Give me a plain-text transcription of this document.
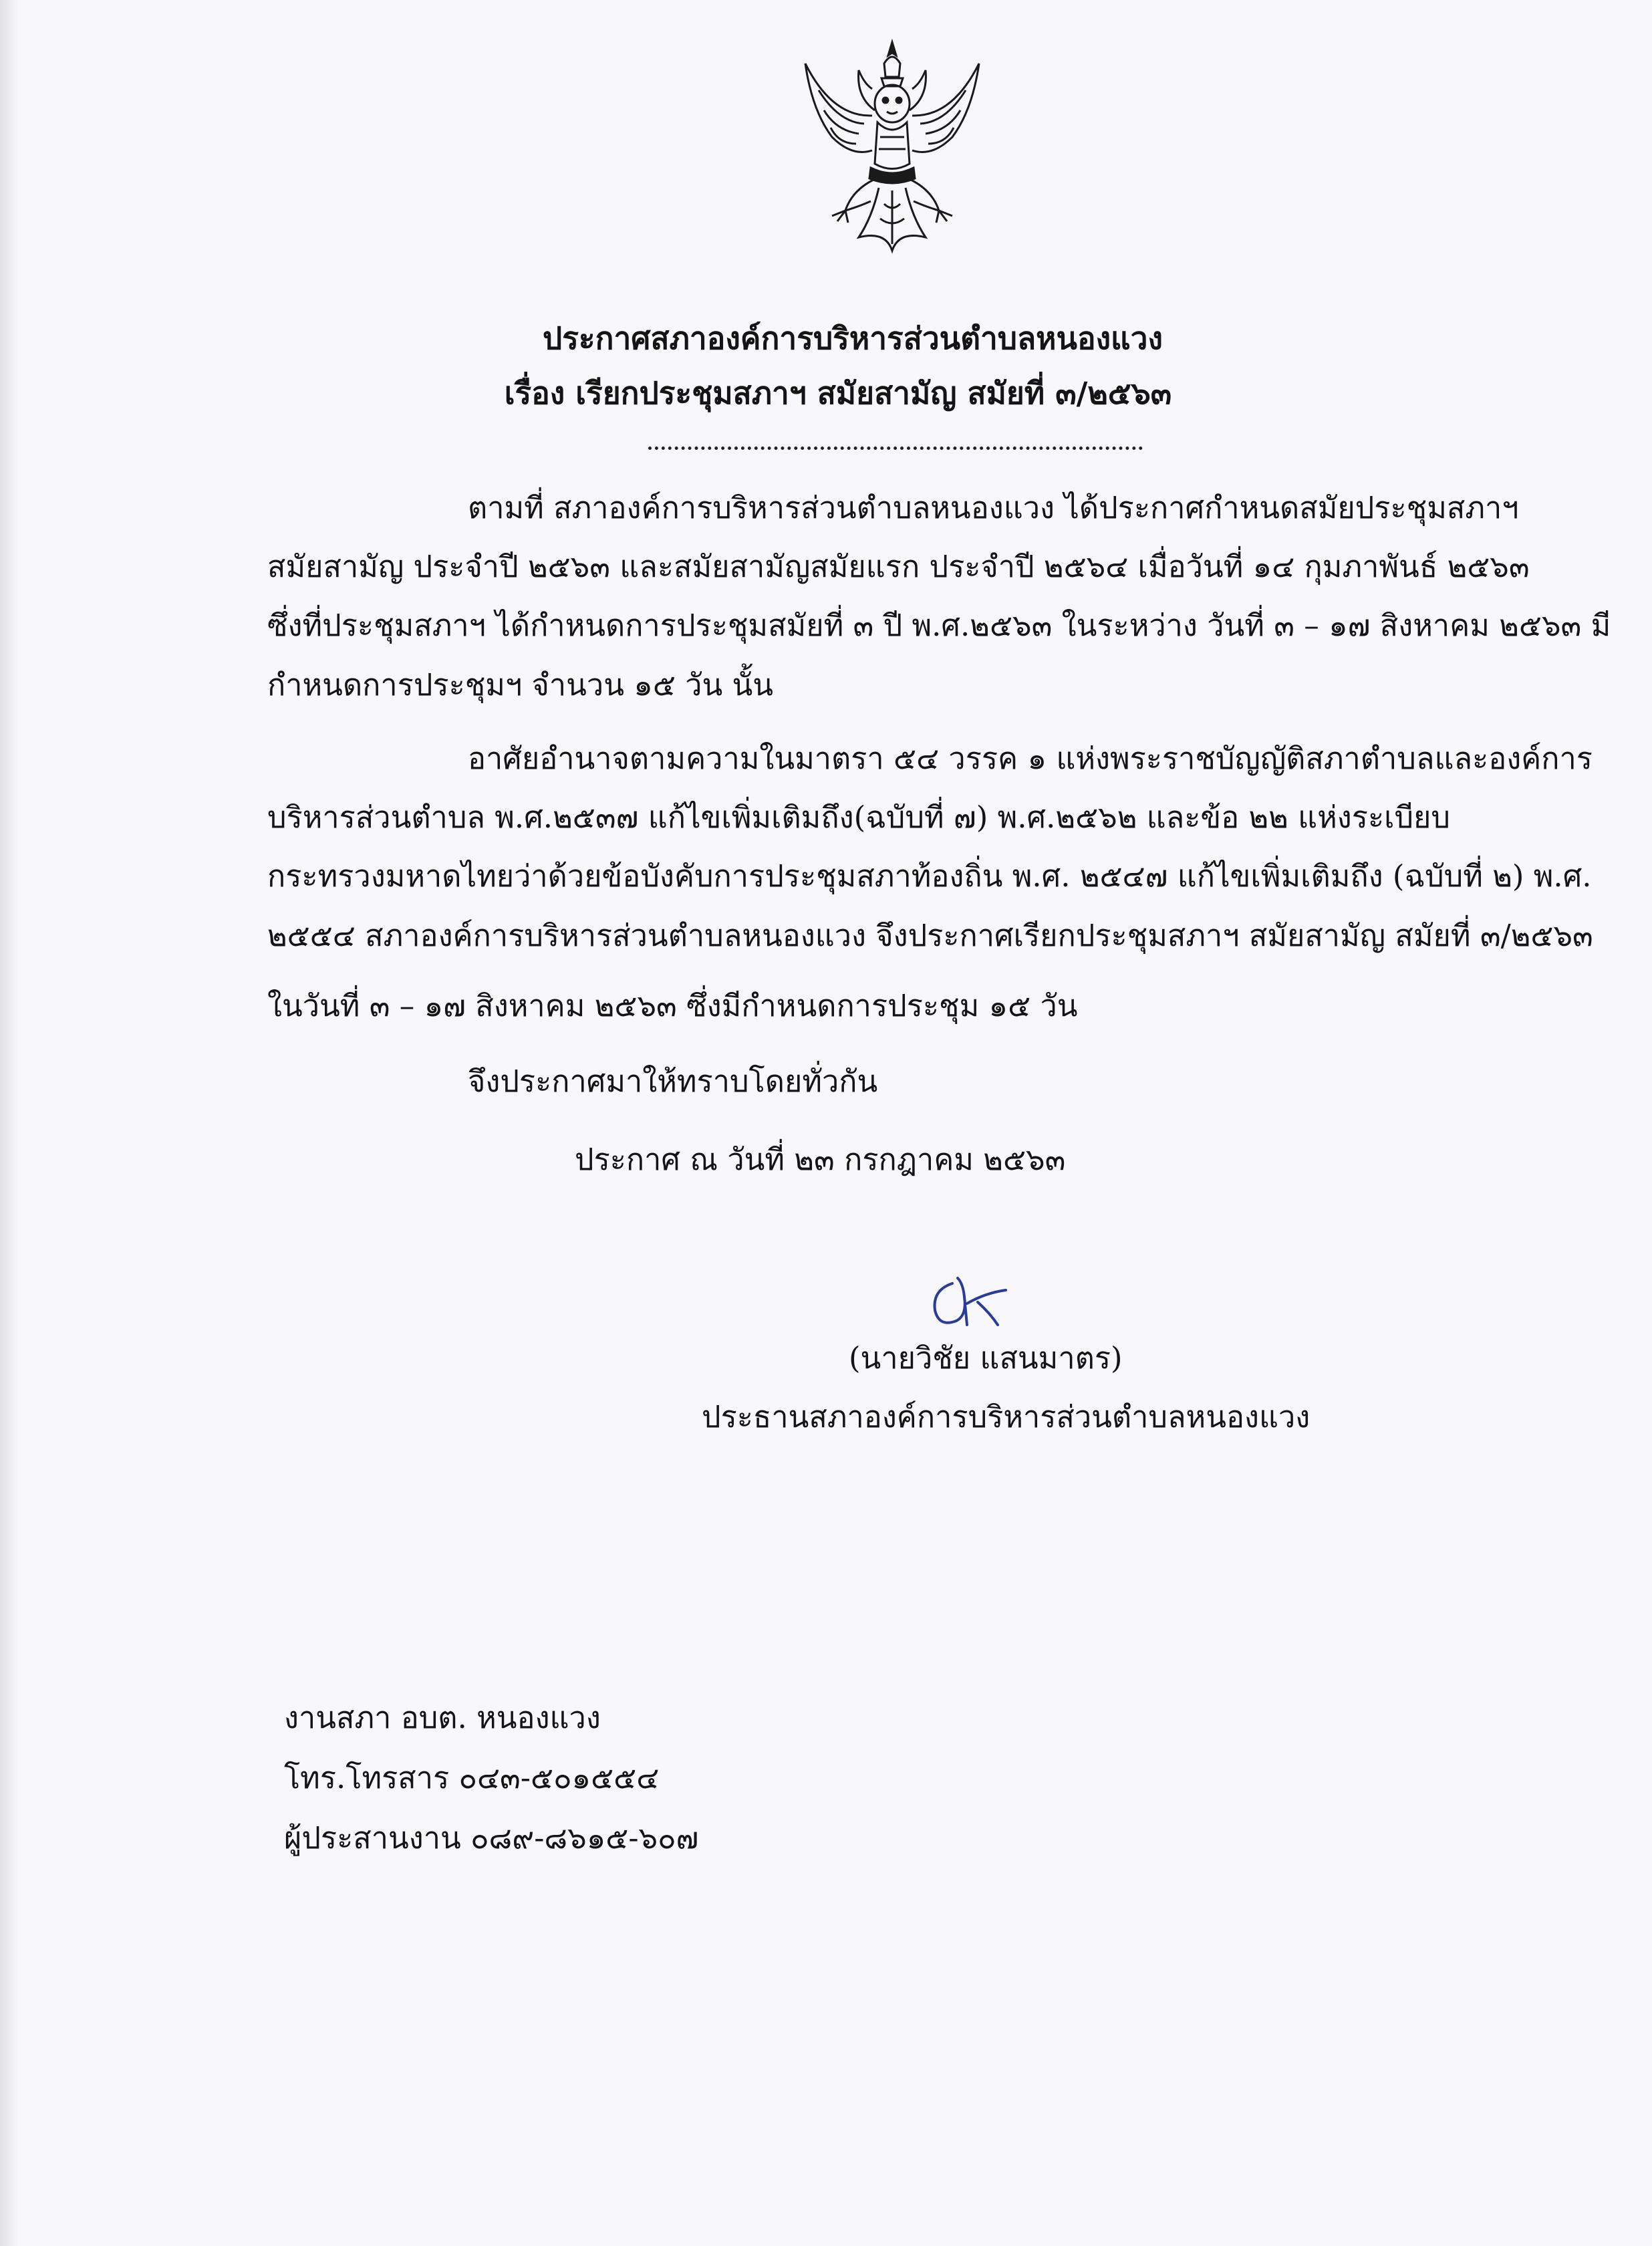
ประกาศสภาองค์การบริหารส่วนตำบลหนองแวง
เรื่อง เรียกประชุมสภาฯ สมัยสามัญ สมัยที่ ๓/๒๕๖๓
ตามที่ สภาองค์การบริหารส่วนตำบลหนองแวง ได้ประกาศกำหนดสมัยประชุมสภาฯ
สมัยสามัญ ประจำปี ๒๕๖๓ และสมัยสามัญสมัยแรก ประจำปี ๒๕๖๔ เมื่อวันที่ ๑๔ กุมภาพันธ์ ๒๕๖๓
ซึ่งที่ประชุมสภาฯ ได้กำหนดการประชุมสมัยที่ ๓ ปี พ.ศ.๒๕๖๓ ในระหว่าง วันที่ ๓ – ๑๗ สิงหาคม ๒๕๖๓ มี
กำหนดการประชุมฯ จำนวน ๑๕ วัน นั้น
อาศัยอำนาจตามความในมาตรา ๕๔ วรรค ๑ แห่งพระราชบัญญัติสภาตำบลและองค์การ
บริหารส่วนตำบล พ.ศ.๒๕๓๗ แก้ไขเพิ่มเติมถึง(ฉบับที่ ๗) พ.ศ.๒๕๖๒ และข้อ ๒๒ แห่งระเบียบ
กระทรวงมหาดไทยว่าด้วยข้อบังคับการประชุมสภาท้องถิ่น พ.ศ. ๒๕๔๗ แก้ไขเพิ่มเติมถึง (ฉบับที่ ๒) พ.ศ.
๒๕๕๔ สภาองค์การบริหารส่วนตำบลหนองแวง จึงประกาศเรียกประชุมสภาฯ สมัยสามัญ สมัยที่ ๓/๒๕๖๓
ในวันที่ ๓ – ๑๗ สิงหาคม ๒๕๖๓ ซึ่งมีกำหนดการประชุม ๑๕ วัน
จึงประกาศมาให้ทราบโดยทั่วกัน
ประกาศ ณ วันที่ ๒๓ กรกฎาคม ๒๕๖๓
(นายวิชัย แสนมาตร)
ประธานสภาองค์การบริหารส่วนตำบลหนองแวง
งานสภา อบต. หนองแวง
โทร.โทรสาร ๐๔๓-๕๐๑๕๕๔
ผู้ประสานงาน ๐๘๙-๘๖๑๕-๖๐๗
